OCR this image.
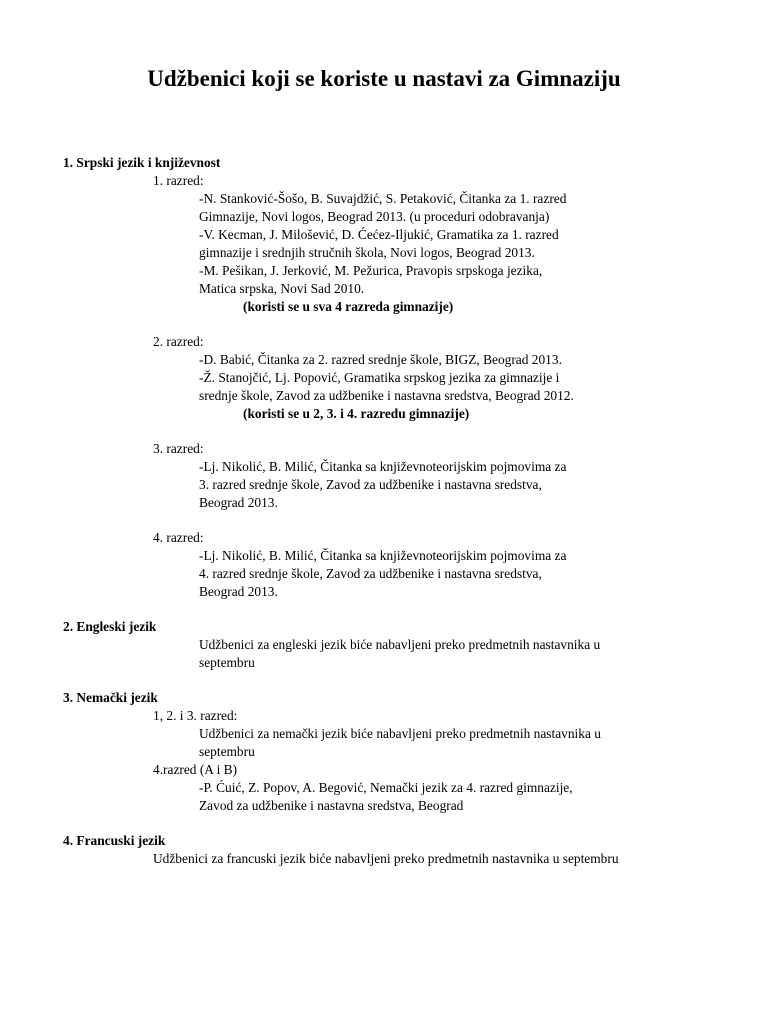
Udžbenici koji se koriste u nastavi za Gimnaziju
1. Srpski jezik i književnost
1. razred:
-N. Stanković-Šošo, B. Suvajdžić, S. Petaković, Čitanka za 1. razred
Gimnazije, Novi logos, Beograd 2013. (u proceduri odobravanja)
-V. Kecman, J. Milošević, D. Ćećez-Iljukić, Gramatika za 1. razred
gimnazije i srednjih stručnih škola, Novi logos, Beograd 2013.
-M. Pešikan, J. Jerković, M. Pežurica, Pravopis srpskoga jezika,
Matica srpska, Novi Sad 2010.
(koristi se u sva 4 razreda gimnazije)
2. razred:
-D. Babić, Čitanka za 2. razred srednje škole, BIGZ, Beograd 2013.
-Ž. Stanojčić, Lj. Popović, Gramatika srpskog jezika za gimnazije i
srednje škole, Zavod za udžbenike i nastavna sredstva, Beograd 2012.
(koristi se u 2, 3. i 4. razredu gimnazije)
3. razred:
-Lj. Nikolić, B. Milić, Čitanka sa književnoteorijskim pojmovima za
3. razred srednje škole, Zavod za udžbenike i nastavna sredstva,
Beograd 2013.
4. razred:
-Lj. Nikolić, B. Milić, Čitanka sa književnoteorijskim pojmovima za
4. razred srednje škole, Zavod za udžbenike i nastavna sredstva,
Beograd 2013.
2. Engleski jezik
Udžbenici za engleski jezik biće nabavljeni preko predmetnih nastavnika u
septembru
3. Nemački jezik
1, 2. i 3. razred:
Udžbenici za nemački jezik biće nabavljeni preko predmetnih nastavnika u
septembru
4.razred (A i B)
-P. Ćuić, Z. Popov, A. Begović, Nemački jezik za 4. razred gimnazije,
Zavod za udžbenike i nastavna sredstva, Beograd
4. Francuski jezik
Udžbenici za francuski jezik biće nabavljeni preko predmetnih nastavnika u septembru
